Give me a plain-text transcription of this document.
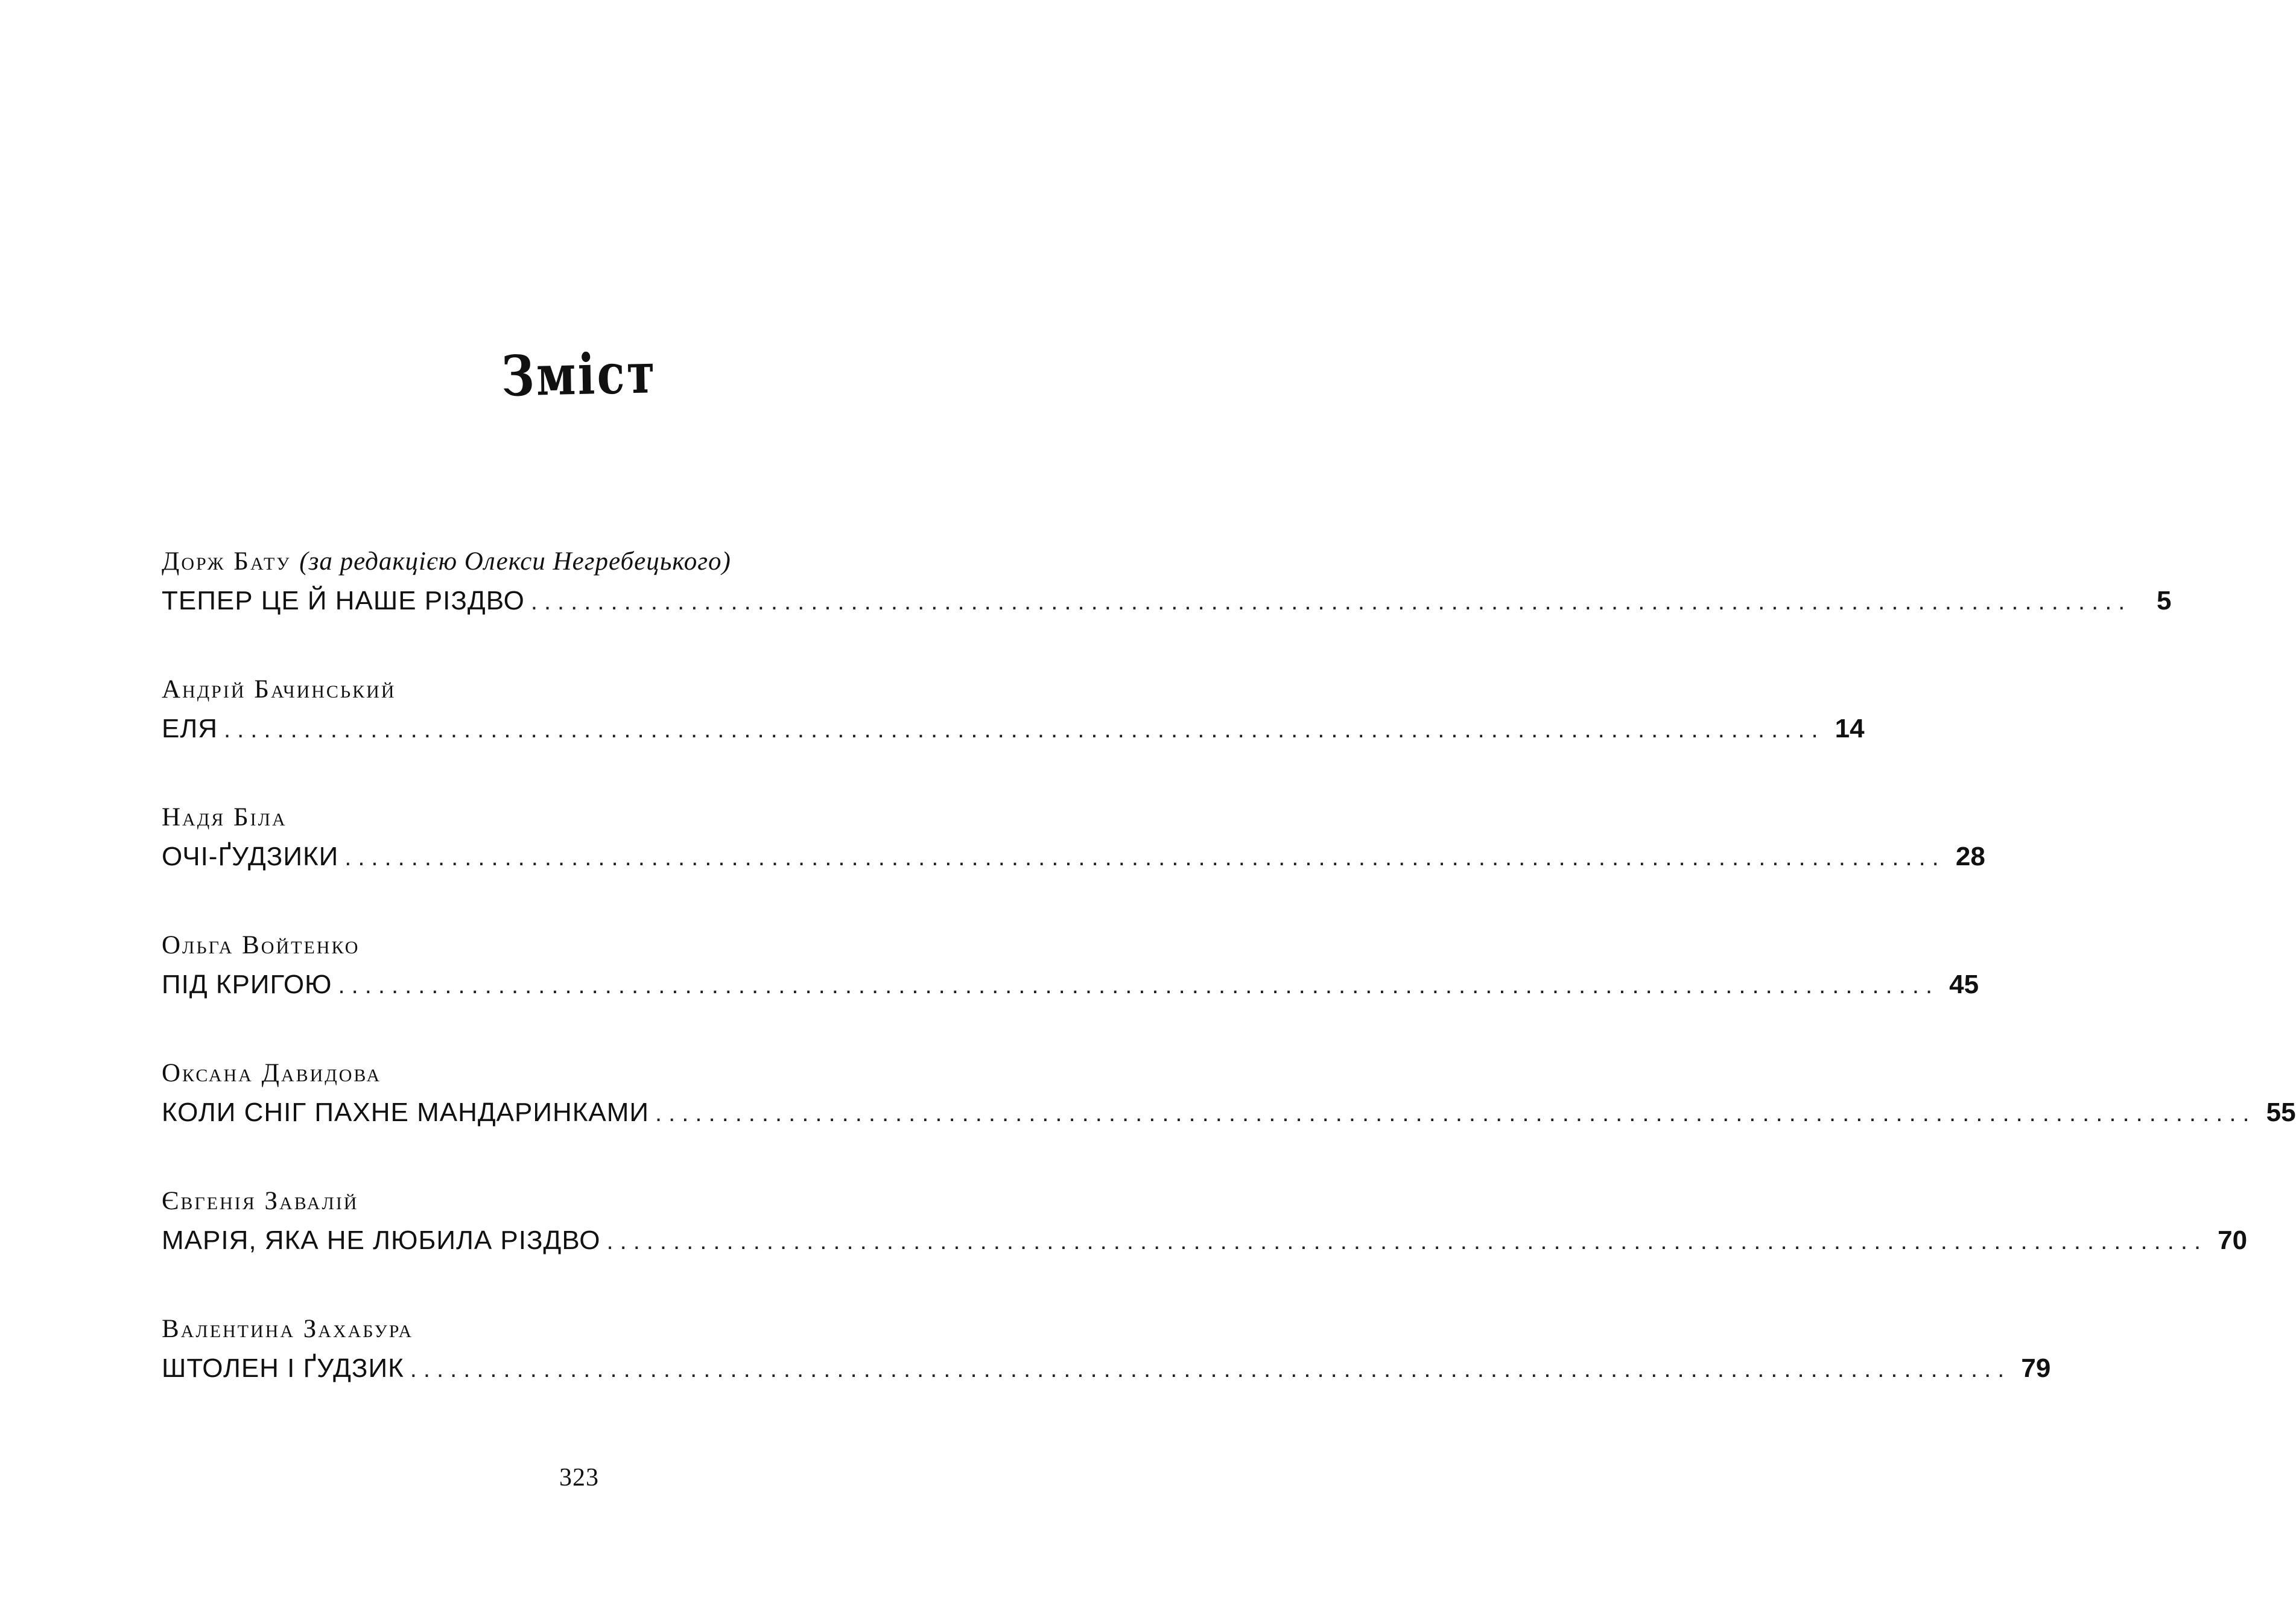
Зміст
Дорж Бату (за редакцією Олекси Негребецького)
ТЕПЕР ЦЕ Й НАШЕ РІЗДВО ........................................................................................................................ 5
Андрій Бачинський
ЕЛЯ ........................................................................................................................ 14
Надя Біла
ОЧІ-ҐУДЗИКИ ........................................................................................................................ 28
Ольга Войтенко
ПІД КРИГОЮ ........................................................................................................................ 45
Оксана Давидова
КОЛИ СНІГ ПАХНЕ МАНДАРИНКАМИ ........................................................................................................................ 55
Євгенія Завалій
МАРІЯ, ЯКА НЕ ЛЮБИЛА РІЗДВО ........................................................................................................................ 70
Валентина Захабура
ШТОЛЕН І ҐУДЗИК ........................................................................................................................ 79
323
